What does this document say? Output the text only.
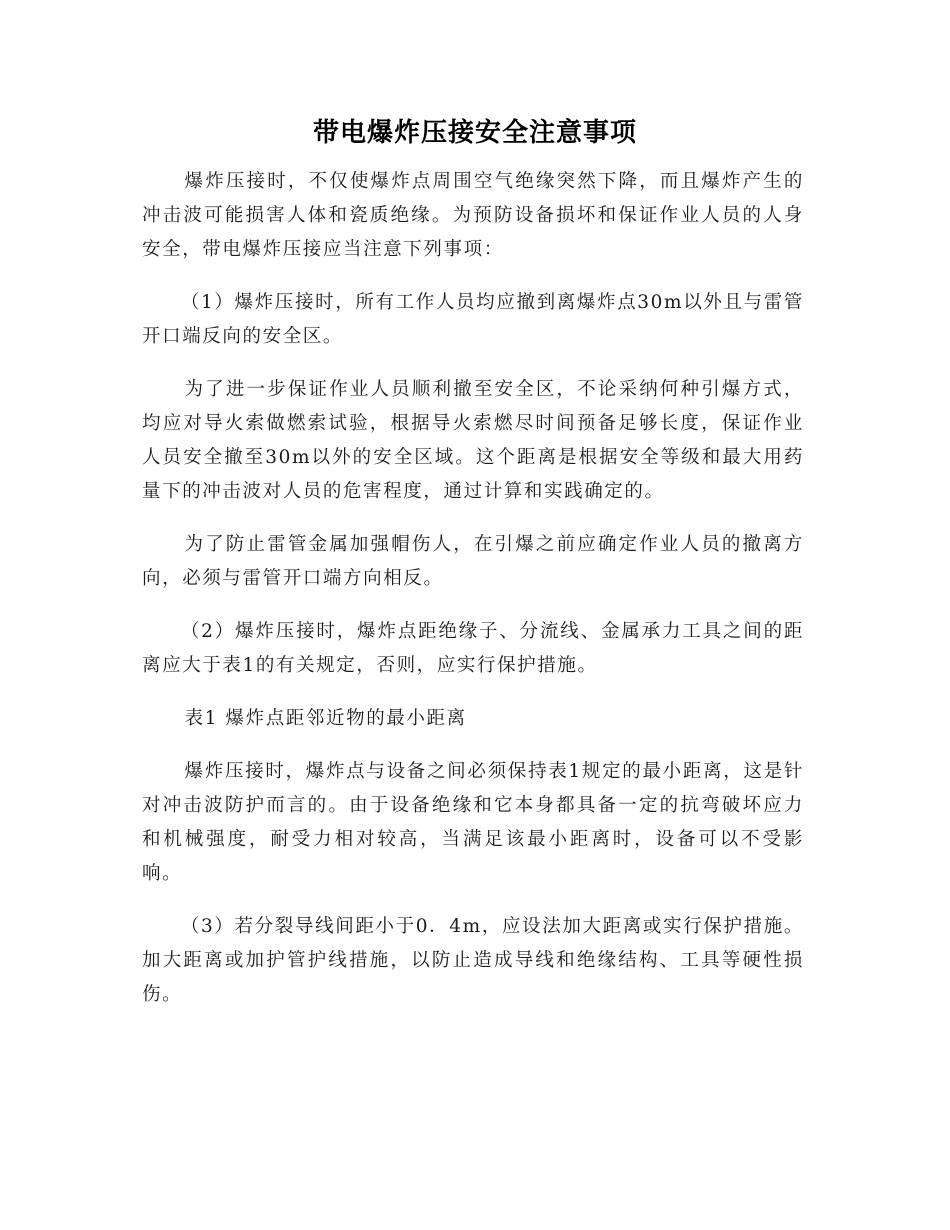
带电爆炸压接安全注意事项

爆炸压接时，不仅使爆炸点周围空气绝缘突然下降，而且爆炸产生的冲击波可能损害人体和瓷质绝缘。为预防设备损坏和保证作业人员的人身安全，带电爆炸压接应当注意下列事项：

（1）爆炸压接时，所有工作人员均应撤到离爆炸点30m以外且与雷管开口端反向的安全区。

为了进一步保证作业人员顺利撤至安全区，不论采纳何种引爆方式，均应对导火索做燃索试验，根据导火索燃尽时间预备足够长度，保证作业人员安全撤至30m以外的安全区域。这个距离是根据安全等级和最大用药量下的冲击波对人员的危害程度，通过计算和实践确定的。

为了防止雷管金属加强帽伤人，在引爆之前应确定作业人员的撤离方向，必须与雷管开口端方向相反。

（2）爆炸压接时，爆炸点距绝缘子、分流线、金属承力工具之间的距离应大于表1的有关规定，否则，应实行保护措施。

表1 爆炸点距邻近物的最小距离

爆炸压接时，爆炸点与设备之间必须保持表1规定的最小距离，这是针对冲击波防护而言的。由于设备绝缘和它本身都具备一定的抗弯破坏应力和机械强度，耐受力相对较高，当满足该最小距离时，设备可以不受影响。

（3）若分裂导线间距小于0．4m，应设法加大距离或实行保护措施。加大距离或加护管护线措施，以防止造成导线和绝缘结构、工具等硬性损伤。
